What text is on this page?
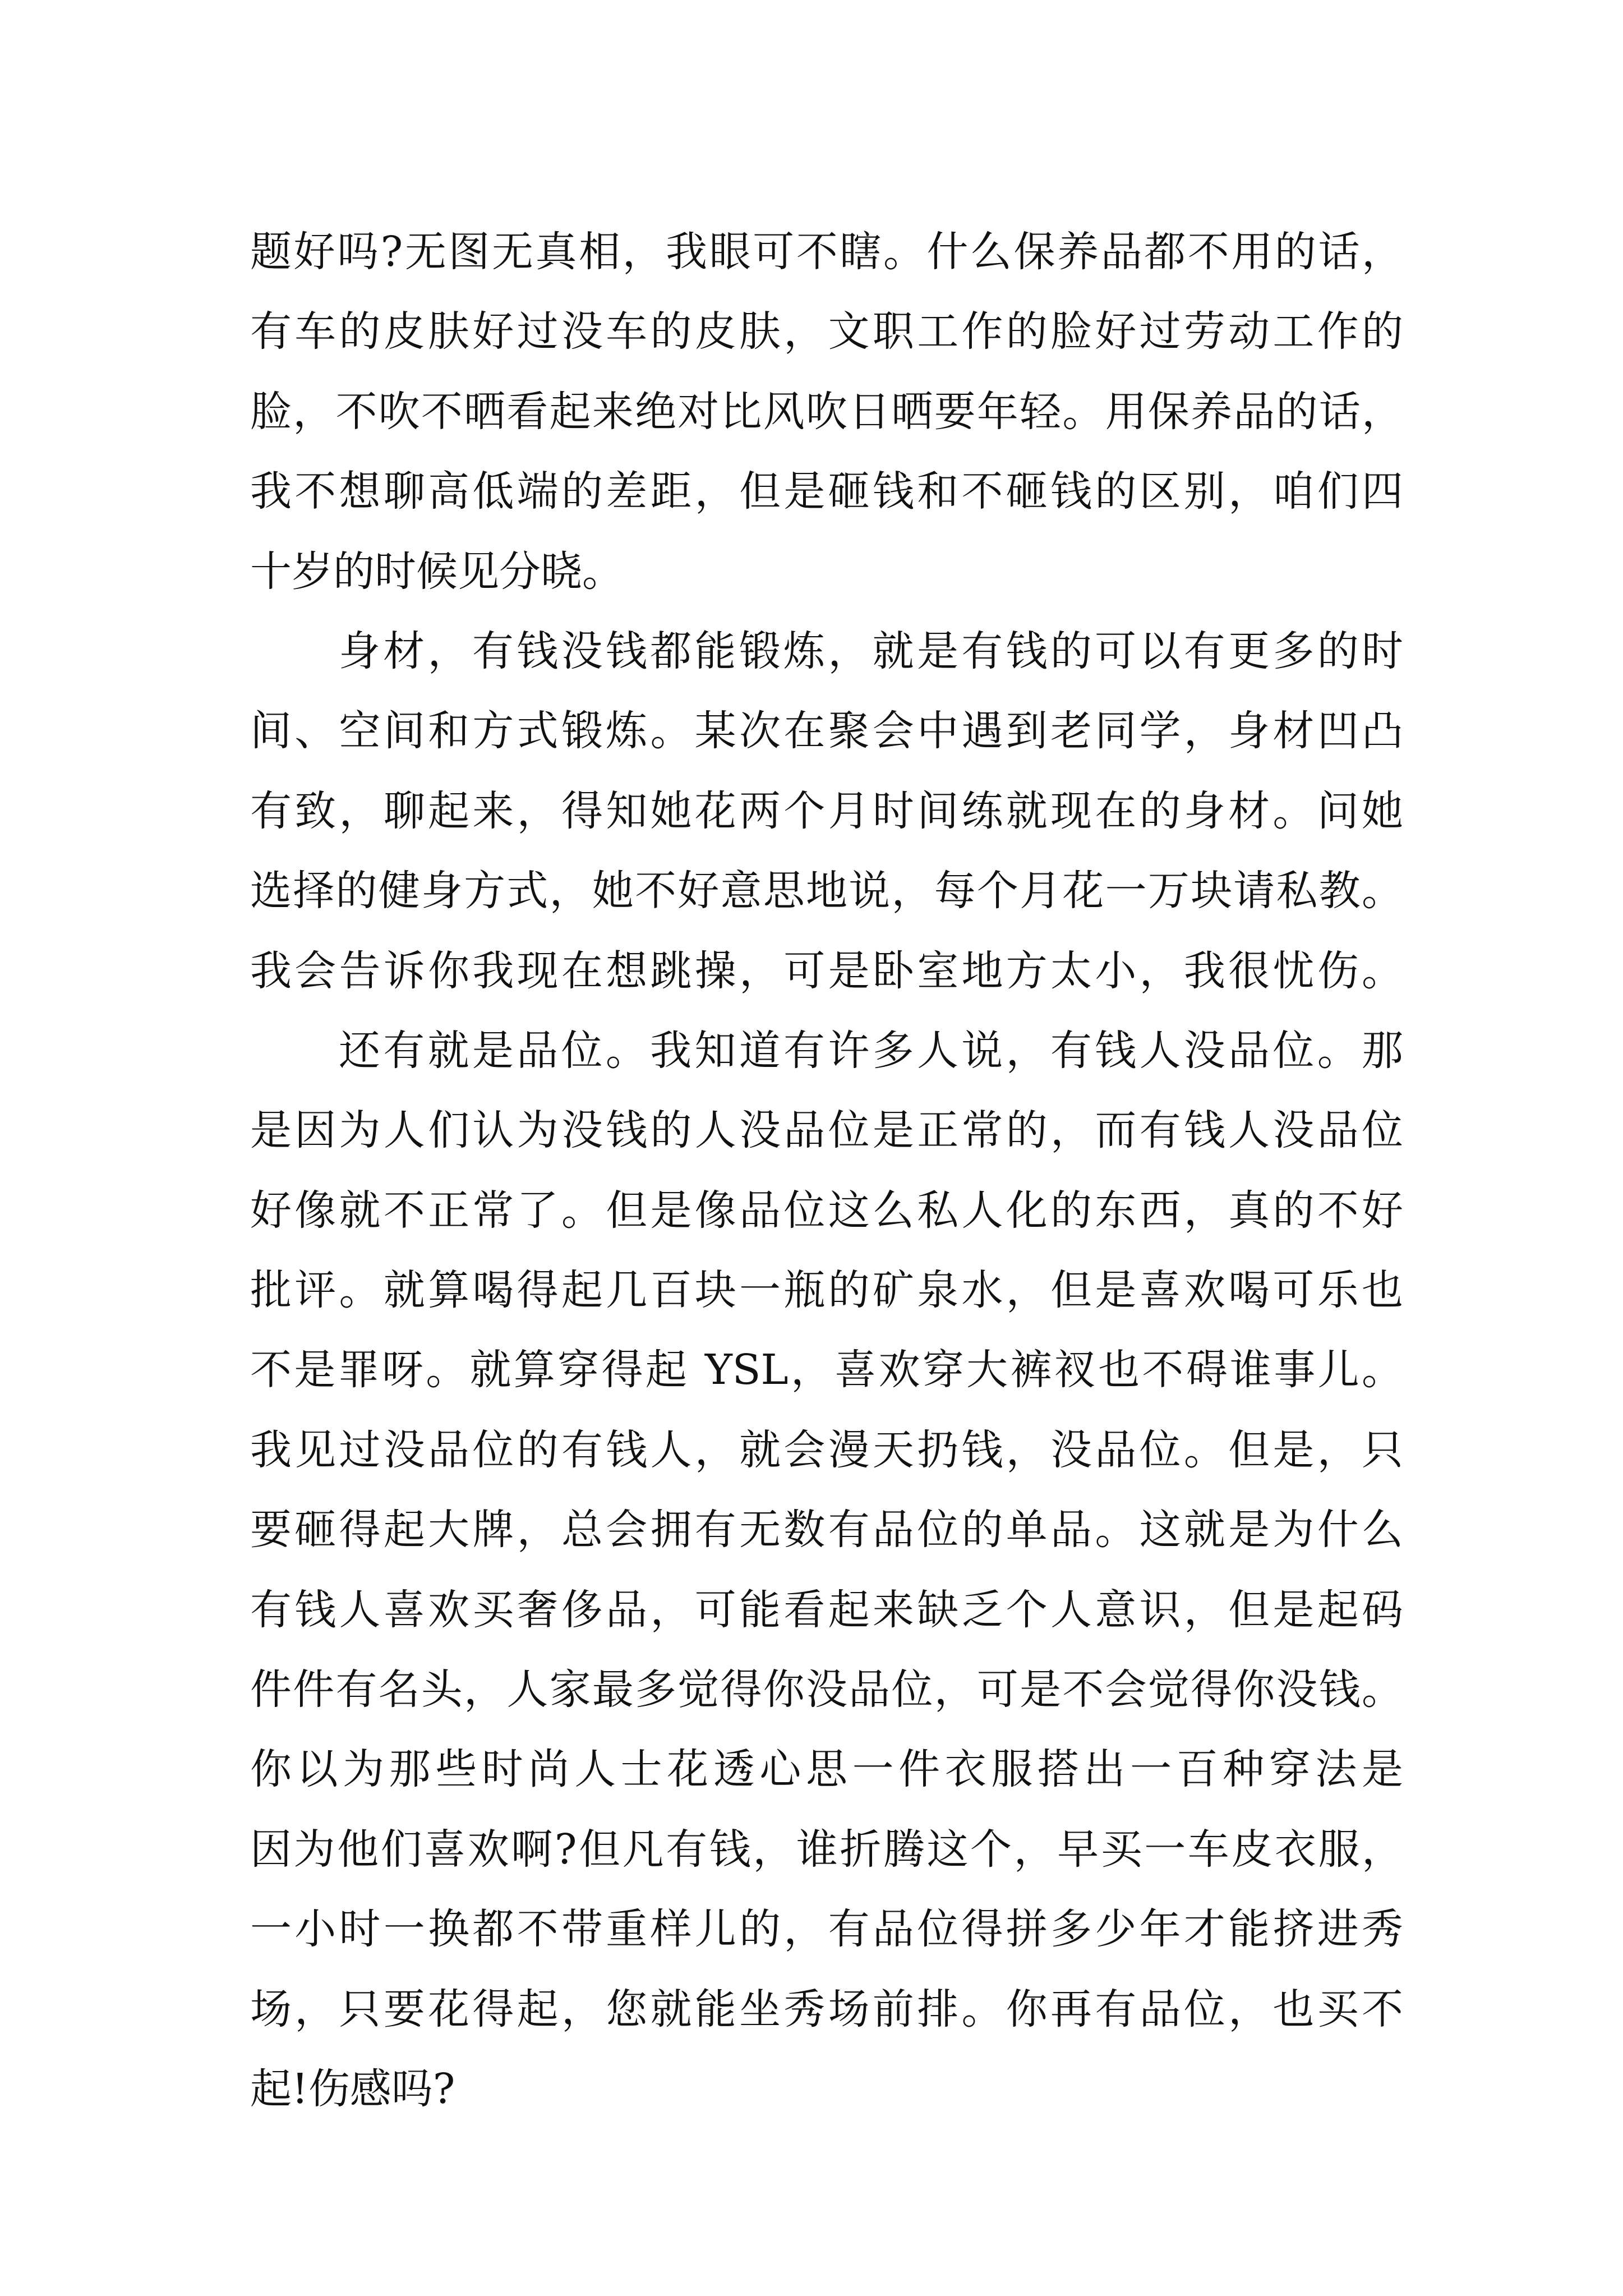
题好吗?无图无真相，我眼可不瞎。什么保养品都不用的话，
有车的皮肤好过没车的皮肤，文职工作的脸好过劳动工作的
脸，不吹不晒看起来绝对比风吹日晒要年轻。用保养品的话，
我不想聊高低端的差距，但是砸钱和不砸钱的区别，咱们四
十岁的时候见分晓。
身材，有钱没钱都能锻炼，就是有钱的可以有更多的时
间、空间和方式锻炼。某次在聚会中遇到老同学，身材凹凸
有致，聊起来，得知她花两个月时间练就现在的身材。问她
选择的健身方式，她不好意思地说，每个月花一万块请私教。
我会告诉你我现在想跳操，可是卧室地方太小，我很忧伤。
还有就是品位。我知道有许多人说，有钱人没品位。那
是因为人们认为没钱的人没品位是正常的，而有钱人没品位
好像就不正常了。但是像品位这么私人化的东西，真的不好
批评。就算喝得起几百块一瓶的矿泉水，但是喜欢喝可乐也
不是罪呀。就算穿得起 YSL，喜欢穿大裤衩也不碍谁事儿。
我见过没品位的有钱人，就会漫天扔钱，没品位。但是，只
要砸得起大牌，总会拥有无数有品位的单品。这就是为什么
有钱人喜欢买奢侈品，可能看起来缺乏个人意识，但是起码
件件有名头，人家最多觉得你没品位，可是不会觉得你没钱。
你以为那些时尚人士花透心思一件衣服搭出一百种穿法是
因为他们喜欢啊?但凡有钱，谁折腾这个，早买一车皮衣服，
一小时一换都不带重样儿的，有品位得拼多少年才能挤进秀
场，只要花得起，您就能坐秀场前排。你再有品位，也买不
起!伤感吗?
